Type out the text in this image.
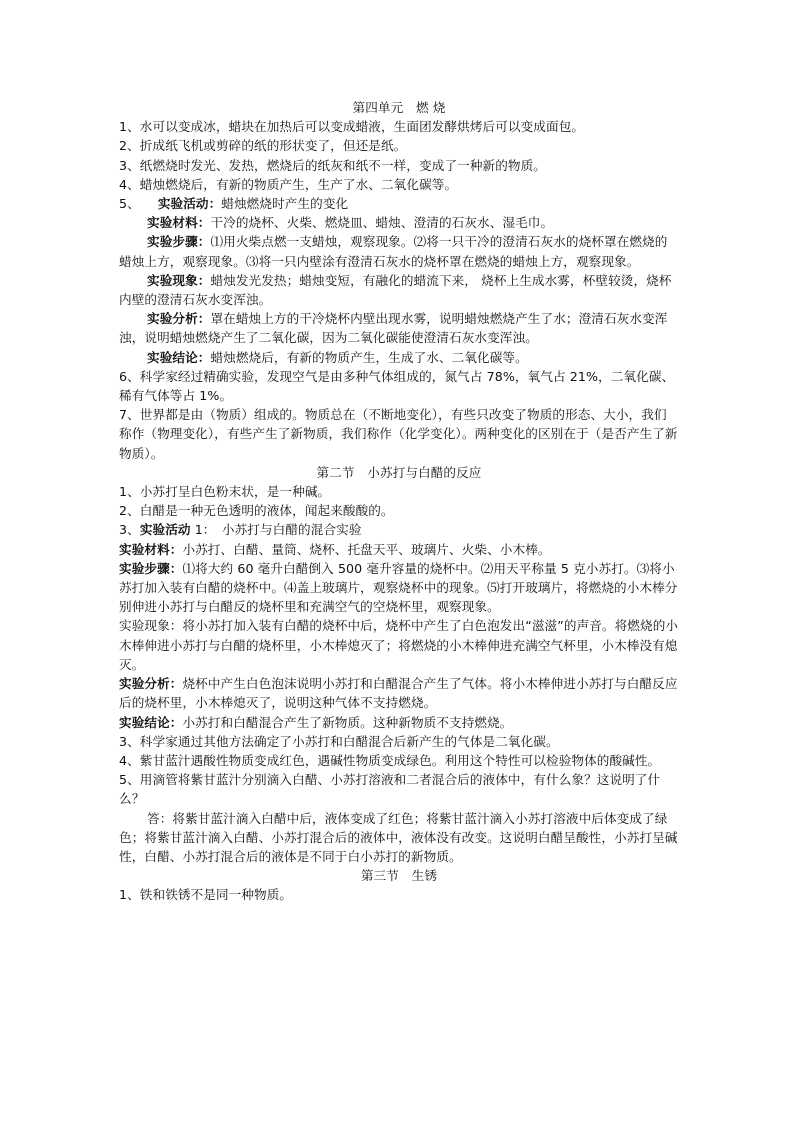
第四单元　燃 烧

1、水可以变成冰，蜡块在加热后可以变成蜡液，生面团发酵烘烤后可以变成面包。

2、折成纸飞机或剪碎的纸的形状变了，但还是纸。

3、纸燃烧时发光、发热，燃烧后的纸灰和纸不一样，变成了一种新的物质。

4、蜡烛燃烧后，有新的物质产生，生产了水、二氧化碳等。

5、 实验活动：蜡烛燃烧时产生的变化

实验材料：干冷的烧杯、火柴、燃烧皿、蜡烛、澄清的石灰水、湿毛巾。

实验步骤：⑴用火柴点燃一支蜡烛，观察现象。⑵将一只干冷的澄清石灰水的烧杯罩在燃烧的蜡烛上方，观察现象。⑶将一只内壁涂有澄清石灰水的烧杯罩在燃烧的蜡烛上方，观察现象。

实验现象：蜡烛发光发热；蜡烛变短，有融化的蜡流下来， 烧杯上生成水雾，杯壁较烫，烧杯内壁的澄清石灰水变浑浊。

实验分析：罩在蜡烛上方的干冷烧杯内壁出现水雾，说明蜡烛燃烧产生了水；澄清石灰水变浑浊，说明蜡烛燃烧产生了二氧化碳，因为二氧化碳能使澄清石灰水变浑浊。

实验结论：蜡烛燃烧后，有新的物质产生，生成了水、二氧化碳等。

6、科学家经过精确实验，发现空气是由多种气体组成的，氮气占 78%，氧气占 21%，二氧化碳、稀有气体等占 1%。

7、世界都是由（物质）组成的。物质总在（不断地变化），有些只改变了物质的形态、大小，我们称作（物理变化），有些产生了新物质，我们称作（化学变化）。两种变化的区别在于（是否产生了新物质）。

第二节　小苏打与白醋的反应

1、小苏打呈白色粉末状，是一种碱。

2、白醋是一种无色透明的液体，闻起来酸酸的。

3、实验活动 1：　小苏打与白醋的混合实验

实验材料：小苏打、白醋、量筒、烧杯、托盘天平、玻璃片、火柴、小木棒。

实验步骤：⑴将大约 60 毫升白醋倒入 500 毫升容量的烧杯中。⑵用天平称量 5 克小苏打。⑶将小苏打加入装有白醋的烧杯中。⑷盖上玻璃片，观察烧杯中的现象。⑸打开玻璃片，将燃烧的小木棒分别伸进小苏打与白醋反的烧杯里和充满空气的空烧杯里，观察现象。

实验现象：将小苏打加入装有白醋的烧杯中后，烧杯中产生了白色泡发出“滋滋”的声音。将燃烧的小木棒伸进小苏打与白醋的烧杯里，小木棒熄灭了；将燃烧的小木棒伸进充满空气杯里，小木棒没有熄灭。

实验分析：烧杯中产生白色泡沫说明小苏打和白醋混合产生了气体。将小木棒伸进小苏打与白醋反应后的烧杯里，小木棒熄灭了，说明这种气体不支持燃烧。

实验结论：小苏打和白醋混合产生了新物质。这种新物质不支持燃烧。

3、科学家通过其他方法确定了小苏打和白醋混合后新产生的气体是二氧化碳。

4、紫甘蓝汁遇酸性物质变成红色，遇碱性物质变成绿色。利用这个特性可以检验物体的酸碱性。

5、用滴管将紫甘蓝汁分别滴入白醋、小苏打溶液和二者混合后的液体中，有什么象？这说明了什么？

答：将紫甘蓝汁滴入白醋中后，液体变成了红色；将紫甘蓝汁滴入小苏打溶液中后体变成了绿色；将紫甘蓝汁滴入白醋、小苏打混合后的液体中，液体没有改变。这说明白醋呈酸性，小苏打呈碱性，白醋、小苏打混合后的液体是不同于白小苏打的新物质。

第三节　生锈

1、铁和铁锈不是同一种物质。
